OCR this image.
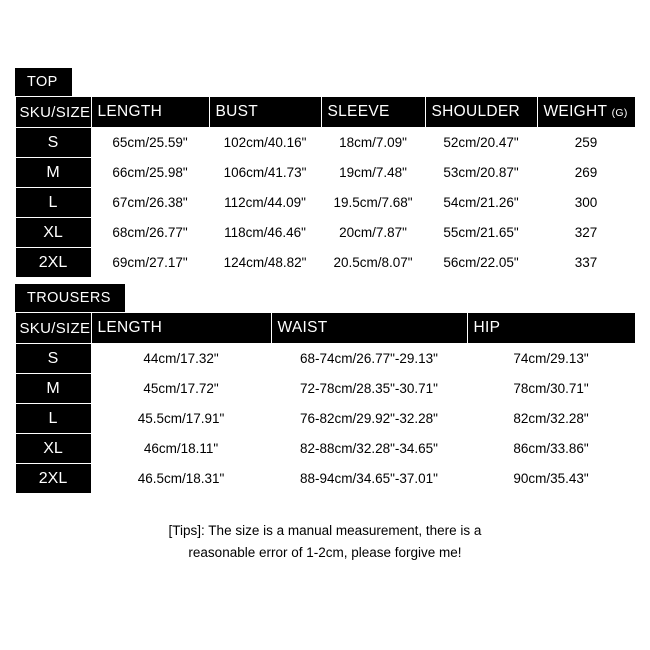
TOP
SKU/SIZE	LENGTH	BUST	SLEEVE	SHOULDER	WEIGHT (G)
S	65cm/25.59"	102cm/40.16"	18cm/7.09"	52cm/20.47"	259
M	66cm/25.98"	106cm/41.73"	19cm/7.48"	53cm/20.87"	269
L	67cm/26.38"	112cm/44.09"	19.5cm/7.68"	54cm/21.26"	300
XL	68cm/26.77"	118cm/46.46"	20cm/7.87"	55cm/21.65"	327
2XL	69cm/27.17"	124cm/48.82"	20.5cm/8.07"	56cm/22.05"	337
TROUSERS
SKU/SIZE	LENGTH	WAIST	HIP
S	44cm/17.32"	68-74cm/26.77"-29.13"	74cm/29.13"
M	45cm/17.72"	72-78cm/28.35"-30.71"	78cm/30.71"
L	45.5cm/17.91"	76-82cm/29.92"-32.28"	82cm/32.28"
XL	46cm/18.11"	82-88cm/32.28"-34.65"	86cm/33.86"
2XL	46.5cm/18.31"	88-94cm/34.65"-37.01"	90cm/35.43"
[Tips]: The size is a manual measurement, there is a
reasonable error of 1-2cm, please forgive me!
